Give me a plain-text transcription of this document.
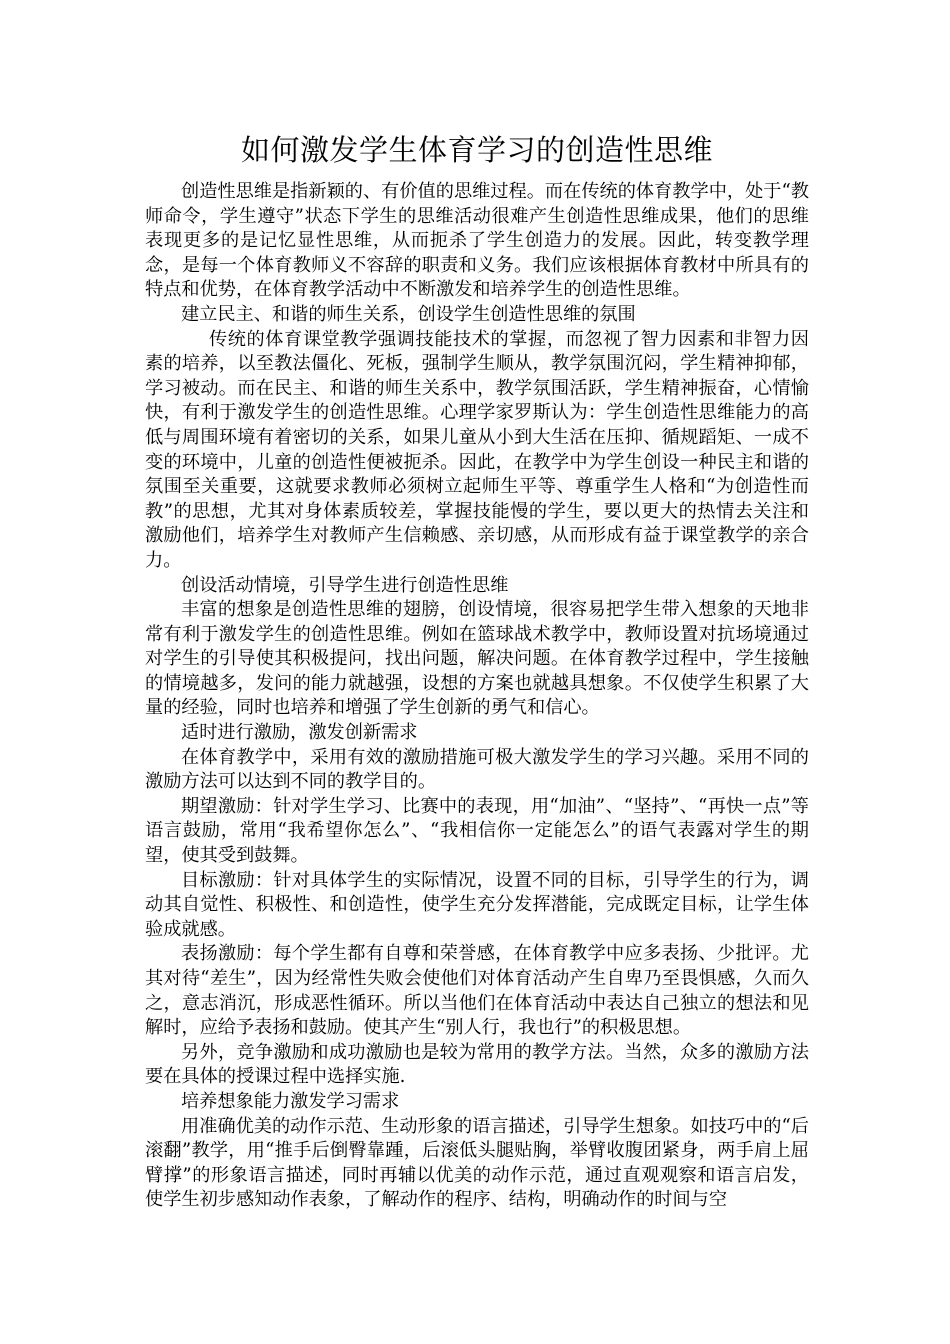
如何激发学生体育学习的创造性思维

创造性思维是指新颖的、有价值的思维过程。而在传统的体育教学中，处于“教师命令，学生遵守”状态下学生的思维活动很难产生创造性思维成果，他们的思维表现更多的是记忆显性思维，从而扼杀了学生创造力的发展。因此，转变教学理念，是每一个体育教师义不容辞的职责和义务。我们应该根据体育教材中所具有的特点和优势，在体育教学活动中不断激发和培养学生的创造性思维。

建立民主、和谐的师生关系，创设学生创造性思维的氛围

传统的体育课堂教学强调技能技术的掌握，而忽视了智力因素和非智力因素的培养，以至教法僵化、死板，强制学生顺从，教学氛围沉闷，学生精神抑郁，学习被动。而在民主、和谐的师生关系中，教学氛围活跃，学生精神振奋，心情愉快，有利于激发学生的创造性思维。心理学家罗斯认为：学生创造性思维能力的高低与周围环境有着密切的关系，如果儿童从小到大生活在压抑、循规蹈矩、一成不变的环境中，儿童的创造性便被扼杀。因此，在教学中为学生创设一种民主和谐的氛围至关重要，这就要求教师必须树立起师生平等、尊重学生人格和“为创造性而教”的思想，尤其对身体素质较差，掌握技能慢的学生，要以更大的热情去关注和激励他们，培养学生对教师产生信赖感、亲切感，从而形成有益于课堂教学的亲合力。

创设活动情境，引导学生进行创造性思维

丰富的想象是创造性思维的翅膀，创设情境，很容易把学生带入想象的天地非常有利于激发学生的创造性思维。例如在篮球战术教学中，教师设置对抗场境通过对学生的引导使其积极提问，找出问题，解决问题。在体育教学过程中，学生接触的情境越多，发问的能力就越强，设想的方案也就越具想象。不仅使学生积累了大量的经验，同时也培养和增强了学生创新的勇气和信心。

适时进行激励，激发创新需求

在体育教学中，采用有效的激励措施可极大激发学生的学习兴趣。采用不同的激励方法可以达到不同的教学目的。

期望激励：针对学生学习、比赛中的表现，用“加油”、“坚持”、“再快一点”等语言鼓励，常用“我希望你怎么”、“我相信你一定能怎么”的语气表露对学生的期望，使其受到鼓舞。

目标激励：针对具体学生的实际情况，设置不同的目标，引导学生的行为，调动其自觉性、积极性、和创造性，使学生充分发挥潜能，完成既定目标，让学生体验成就感。

表扬激励：每个学生都有自尊和荣誉感，在体育教学中应多表扬、少批评。尤其对待“差生”，因为经常性失败会使他们对体育活动产生自卑乃至畏惧感，久而久之，意志消沉，形成恶性循环。所以当他们在体育活动中表达自己独立的想法和见解时，应给予表扬和鼓励。使其产生“别人行，我也行”的积极思想。

另外，竞争激励和成功激励也是较为常用的教学方法。当然，众多的激励方法要在具体的授课过程中选择实施.

培养想象能力激发学习需求

用准确优美的动作示范、生动形象的语言描述，引导学生想象。如技巧中的“后滚翻”教学，用“推手后倒臀靠踵，后滚低头腿贴胸，举臂收腹团紧身，两手肩上屈臂撑”的形象语言描述，同时再辅以优美的动作示范，通过直观观察和语言启发，使学生初步感知动作表象，了解动作的程序、结构，明确动作的时间与空
